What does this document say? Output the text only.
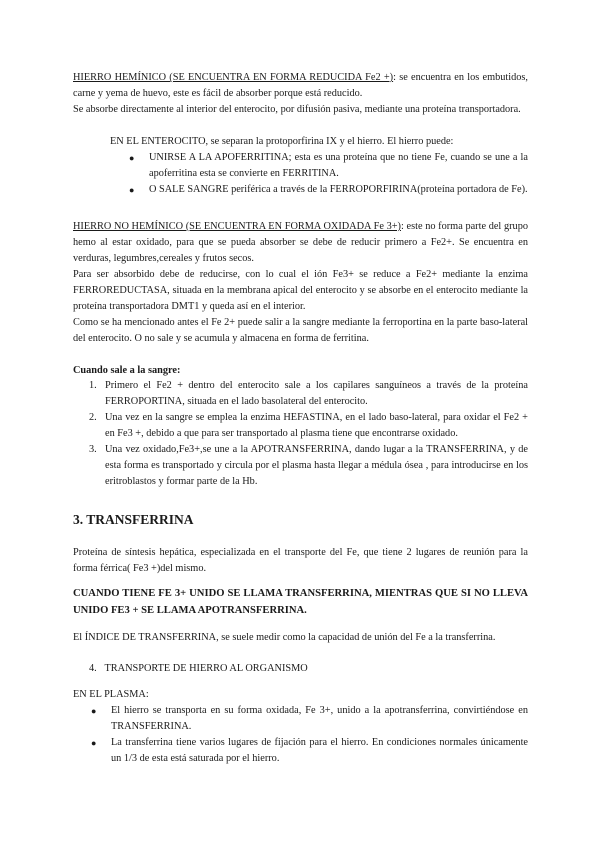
HIERRO HEMÍNICO (SE ENCUENTRA EN FORMA REDUCIDA Fe2 +): se encuentra en los embutidos, carne y yema de huevo, este es fácil de absorber porque está reducido.

Se absorbe directamente al interior del enterocito, por difusión pasiva, mediante una proteína transportadora.

EN EL ENTEROCITO, se separan la protoporfirina IX y el hierro. El hierro puede:

●	UNIRSE A LA APOFERRITINA; esta es una proteína que no tiene Fe, cuando se une a la apoferritina esta se convierte en FERRITINA.
●	O SALE SANGRE periférica a través de la FERROPORFIRINA(proteína portadora de Fe).

HIERRO NO HEMÍNICO (SE ENCUENTRA EN FORMA OXIDADA Fe 3+): este no forma parte del grupo hemo al estar oxidado, para que se pueda absorber se debe de reducir primero a Fe2+. Se encuentra en verduras, legumbres,cereales y frutos secos.

Para ser absorbido debe de reducirse, con lo cual el ión Fe3+ se reduce a Fe2+ mediante la enzima FERROREDUCTASA, situada en la membrana apical del enterocito y se absorbe en el enterocito mediante la proteína transportadora DMT1 y queda así en el interior.

Como se ha mencionado antes el Fe 2+ puede salir a la sangre mediante la ferroportina en la parte baso-lateral del enterocito. O no sale y se acumula y almacena en forma de ferritina.

Cuando sale a la sangre:

1. Primero el Fe2 + dentro del enterocito sale a los capilares sanguíneos a través de la proteína FERROPORTINA, situada en el lado basolateral del enterocito.
2. Una vez en la sangre se emplea la enzima HEFASTINA, en el lado baso-lateral, para oxidar el Fe2 + en Fe3 +, debido a que para ser transportado al plasma tiene que encontrarse oxidado.
3. Una vez oxidado,Fe3+,se une a la APOTRANSFERRINA, dando lugar a la TRANSFERRINA, y de esta forma es transportado y circula por el plasma hasta llegar a médula ósea , para introducirse en los eritroblastos y formar parte de la Hb.
3. TRANSFERRINA

Proteína de síntesis hepática, especializada en el transporte del Fe, que tiene 2 lugares de reunión para la forma férrica( Fe3 +)del mismo.

CUANDO TIENE FE 3+ UNIDO SE LLAMA TRANSFERRINA, MIENTRAS QUE SI NO LLEVA UNIDO FE3 + SE LLAMA APOTRANSFERRINA.

El ÍNDICE DE TRANSFERRINA, se suele medir como la capacidad de unión del Fe a la transferrina.

4. TRANSPORTE DE HIERRO AL ORGANISMO

EN EL PLASMA:

●	El hierro se transporta en su forma oxidada, Fe 3+, unido a la apotransferrina, convirtiéndose en TRANSFERRINA.
●	La transferrina tiene varios lugares de fijación para el hierro. En condiciones normales únicamente un 1/3 de esta está saturada por el hierro.
